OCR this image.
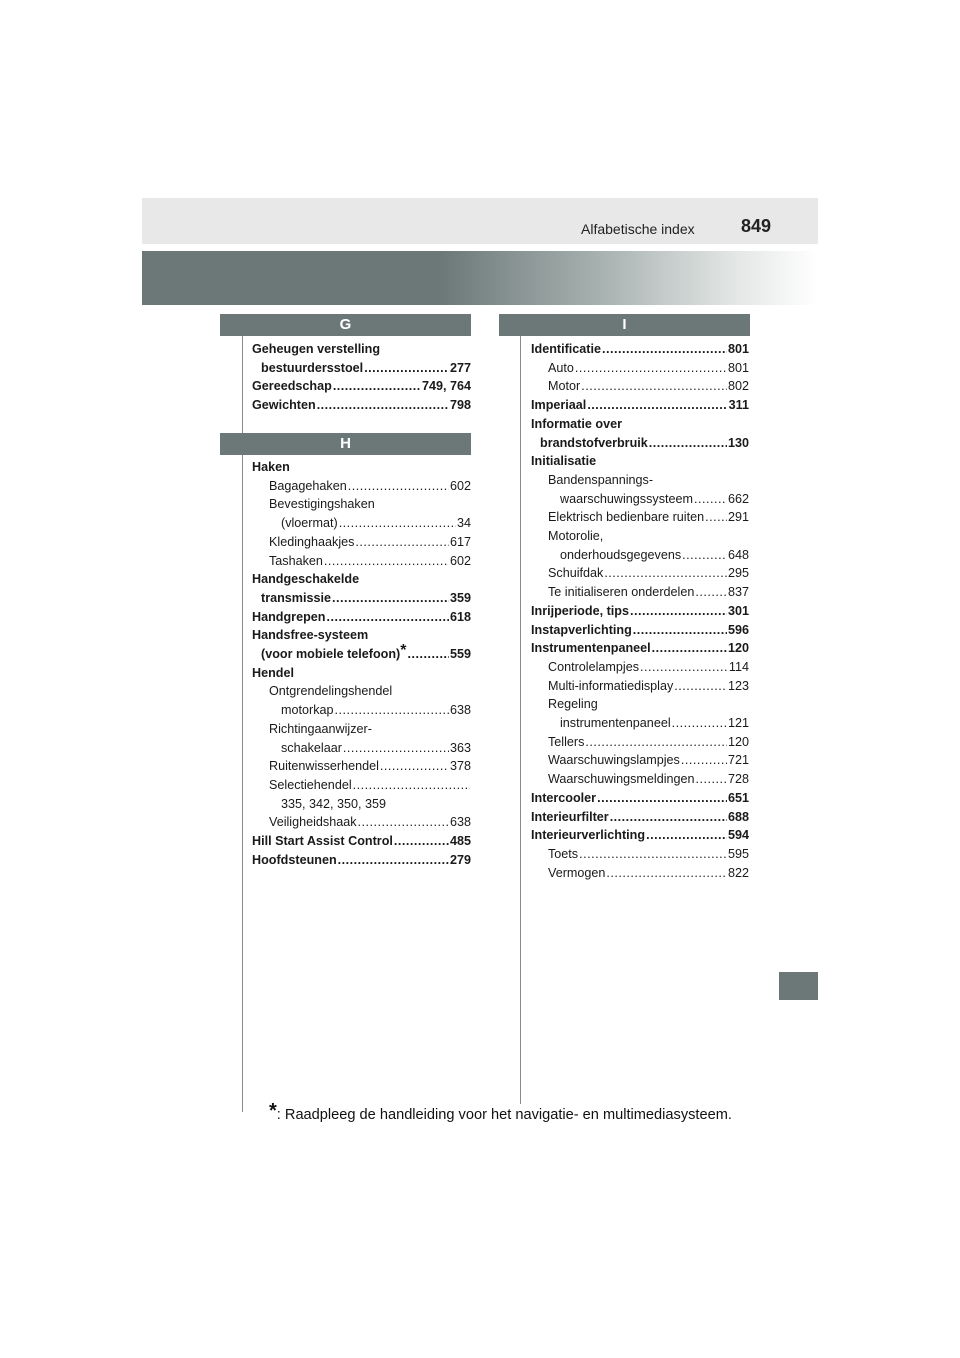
Alfabetische index	849
G
Geheugen verstelling
bestuurdersstoel .....	277
Gereedschap .....	749, 764
Gewichten .....	798
H
Haken
Bagagehaken .....	602
Bevestigingshaken
(vloermat) .....	34
Kledinghaakjes .....	617
Tashaken .....	602
Handgeschakelde
transmissie .....	359
Handgrepen .....	618
Handsfree-systeem
(voor mobiele telefoon) * .....	559
Hendel
Ontgrendelingshendel
motorkap .....	638
Richtingaanwijzer-
schakelaar .....	363
Ruitenwisserhendel .....	378
Selectiehendel
.....
335, 342, 350, 359
Veiligheidshaak .....	638
Hill Start Assist Control .....	485
Hoofdsteunen .....	279
I
Identificatie .....	801
Auto .....	801
Motor .....	802
Imperiaal .....	311
Informatie over
brandstofverbruik .....	130
Initialisatie
Bandenspannings-
waarschuwingssysteem .....	662
Elektrisch bedienbare ruiten ..... 291
Motorolie,
onderhoudsgegevens .....	648
Schuifdak .....	295
Te initialiseren onderdelen .....	837
Inrijperiode, tips .....	301
Instapverlichting .....	596
Instrumentenpaneel .....	120
Controlelampjes .....	114
Multi-informatiedisplay .....	123
Regeling
instrumentenpaneel .....	121
Tellers .....	120
Waarschuwingslampjes .....	721
Waarschuwingsmeldingen .....	728
Intercooler .....	651
Interieurfilter .....	688
Interieurverlichting .....	594
Toets .....	595
Vermogen .....	822
*: Raadpleeg de handleiding voor het navigatie- en multimediasysteem.
